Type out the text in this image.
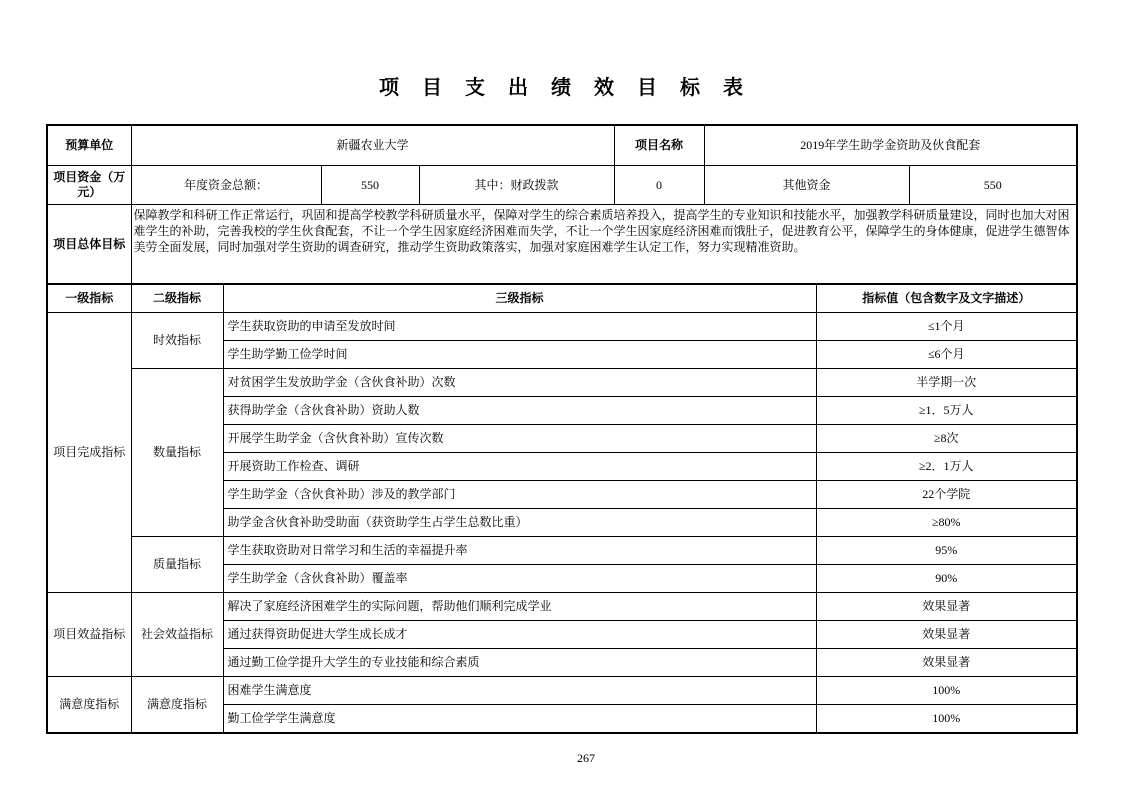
项 目 支 出 绩 效 目 标 表
预算单位	新疆农业大学			项目名称	2019年学生助学金资助及伙食配套	
项目资金（万元）	年度资金总额：	550	其中：财政拨款	0	其他资金	550
项目总体目标	保障教学和科研工作正常运行，巩固和提高学校教学科研质量水平，保障对学生的综合素质培养投入，提高学生的专业知识和技能水平，加强教学科研质量建设，同时也加大对困难学生的补助，完善我校的学生伙食配套，不让一个学生因家庭经济困难而失学，不让一个学生因家庭经济困难而饿肚子，促进教育公平，保障学生的身体健康，促进学生德智体美劳全面发展，同时加强对学生资助的调查研究，推动学生资助政策落实，加强对家庭困难学生认定工作，努力实现精准资助。					
一级指标	二级指标	三级指标	指标值（包含数字及文字描述）
项目完成指标	时效指标	学生获取资助的申请至发放时间	≤1个月
		学生助学勤工俭学时间	≤6个月
	数量指标	对贫困学生发放助学金（含伙食补助）次数	半学期一次
		获得助学金（含伙食补助）资助人数	≥1．5万人
		开展学生助学金（含伙食补助）宣传次数	≥8次
		开展资助工作检查、调研	≥2．1万人
		学生助学金（含伙食补助）涉及的教学部门	22个学院
		助学金含伙食补助受助面（获资助学生占学生总数比重）	≥80%
	质量指标	学生获取资助对日常学习和生活的幸福提升率	95%
		学生助学金（含伙食补助）覆盖率	90%
项目效益指标	社会效益指标	解决了家庭经济困难学生的实际问题，帮助他们顺利完成学业	效果显著
		通过获得资助促进大学生成长成才	效果显著
		通过勤工俭学提升大学生的专业技能和综合素质	效果显著
满意度指标	满意度指标	困难学生满意度	100%
		勤工俭学学生满意度	100%
267
